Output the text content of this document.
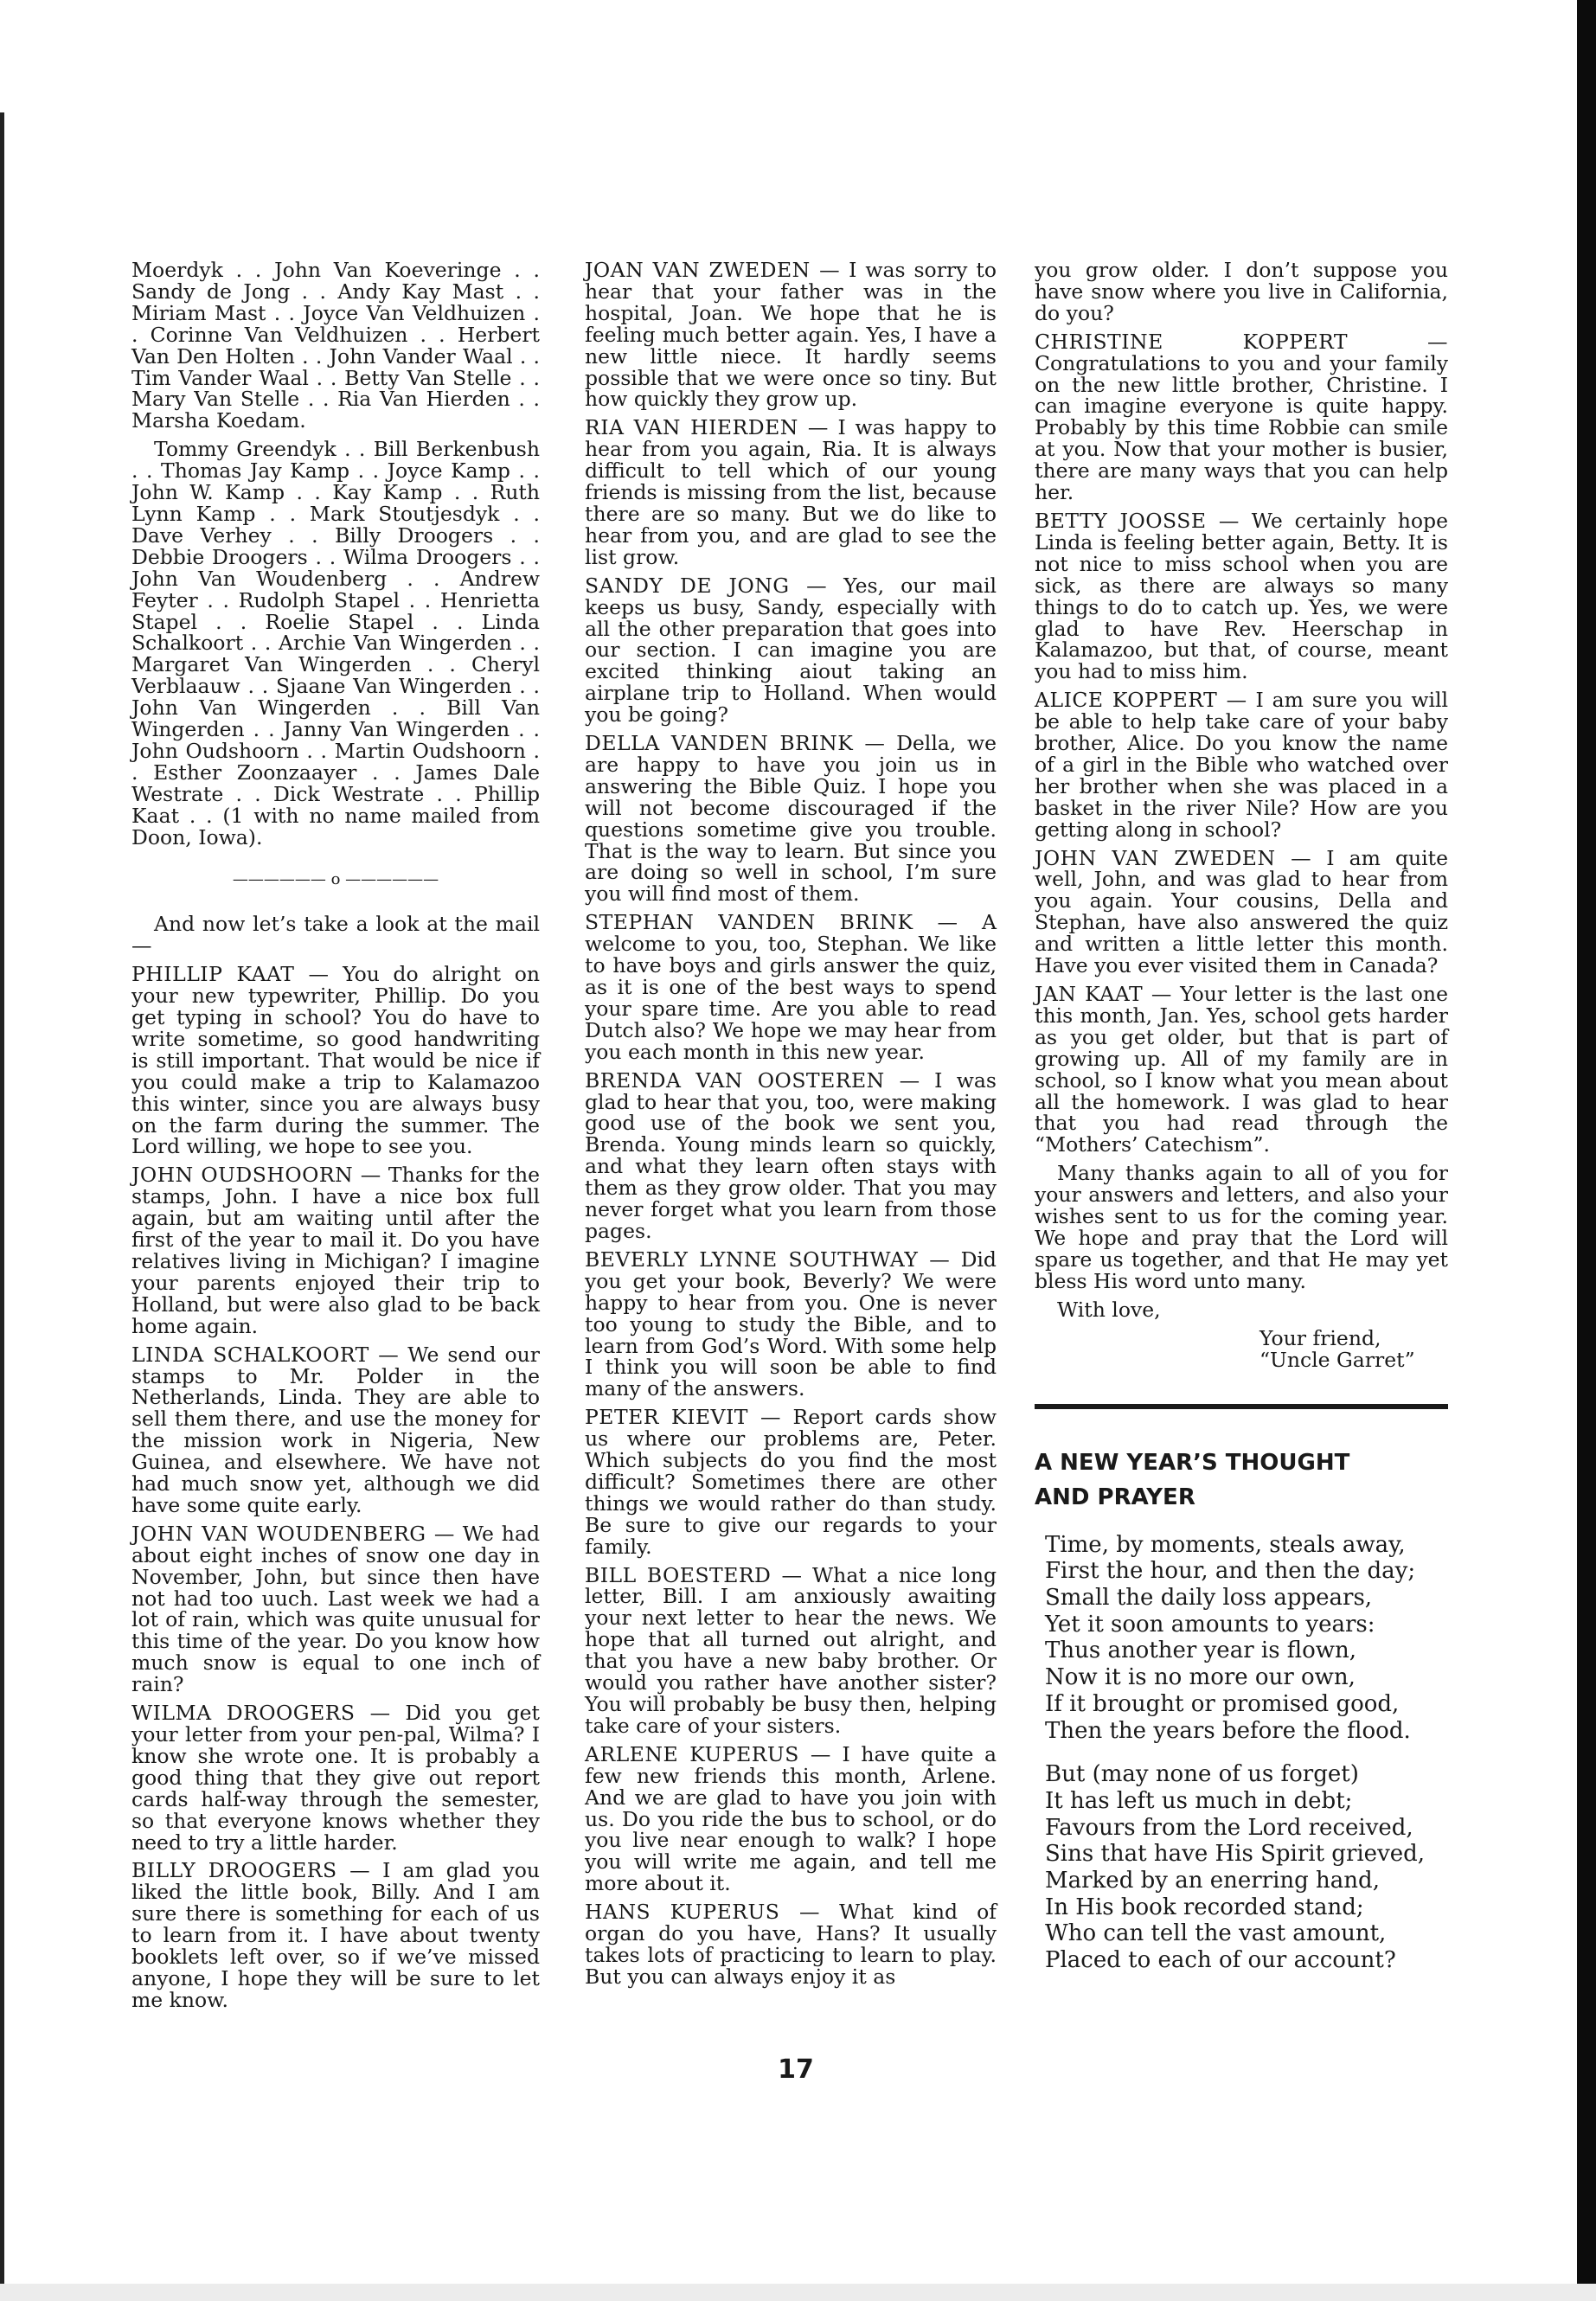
Moerdyk . . John Van Koeveringe . . Sandy de Jong . . Andy Kay Mast . . Miriam Mast . . Joyce Van Veldhuizen . . Corinne Van Veldhuizen . . Herbert Van Den Holten . . John Vander Waal . . Tim Vander Waal . . Betty Van Stelle . . Mary Van Stelle . . Ria Van Hierden . . Marsha Koedam.

Tommy Greendyk . . Bill Berkenbush . . Thomas Jay Kamp . . Joyce Kamp . . John W. Kamp . . Kay Kamp . . Ruth Lynn Kamp . . Mark Stoutjesdyk . . Dave Verhey . . Billy Droogers . . Debbie Droogers . . Wilma Droogers . . John Van Woudenberg . . Andrew Feyter . . Rudolph Stapel . . Henrietta Stapel . . Roelie Stapel . . Linda Schalkoort . . Archie Van Wingerden . . Margaret Van Wingerden . . Cheryl Verblaauw . . Sjaane Van Wingerden . . John Van Wingerden . . Bill Van Wingerden . . Janny Van Wingerden . . John Oudshoorn . . Martin Oudshoorn . . Esther Zoonzaayer . . James Dale Westrate . . Dick Westrate . . Phillip Kaat . . (1 with no name mailed from Doon, Iowa).

—————— o ——————

And now let’s take a look at the mail —

PHILLIP KAAT — You do alright on your new typewriter, Phillip. Do you get typing in school? You do have to write sometime, so good handwriting is still important. That would be nice if you could make a trip to Kalamazoo this winter, since you are always busy on the farm during the summer. The Lord willing, we hope to see you.

JOHN OUDSHOORN — Thanks for the stamps, John. I have a nice box full again, but am waiting until after the first of the year to mail it. Do you have relatives living in Michigan? I imagine your parents enjoyed their trip to Holland, but were also glad to be back home again.

LINDA SCHALKOORT — We send our stamps to Mr. Polder in the Netherlands, Linda. They are able to sell them there, and use the money for the mission work in Nigeria, New Guinea, and elsewhere. We have not had much snow yet, although we did have some quite early.

JOHN VAN WOUDENBERG — We had about eight inches of snow one day in November, John, but since then have not had too uuch. Last week we had a lot of rain, which was quite unusual for this time of the year. Do you know how much snow is equal to one inch of rain?

WILMA DROOGERS — Did you get your letter from your pen-pal, Wilma? I know she wrote one. It is probably a good thing that they give out report cards half-way through the semester, so that everyone knows whether they need to try a little harder.

BILLY DROOGERS — I am glad you liked the little book, Billy. And I am sure there is something for each of us to learn from it. I have about twenty booklets left over, so if we’ve missed anyone, I hope they will be sure to let me know.

JOAN VAN ZWEDEN — I was sorry to hear that your father was in the hospital, Joan. We hope that he is feeling much better again. Yes, I have a new little niece. It hardly seems possible that we were once so tiny. But how quickly they grow up.

RIA VAN HIERDEN — I was happy to hear from you again, Ria. It is always difficult to tell which of our young friends is missing from the list, because there are so many. But we do like to hear from you, and are glad to see the list grow.

SANDY DE JONG — Yes, our mail keeps us busy, Sandy, especially with all the other preparation that goes into our section. I can imagine you are excited thinking aiout taking an airplane trip to Holland. When would you be going?

DELLA VANDEN BRINK — Della, we are happy to have you join us in answering the Bible Quiz. I hope you will not become discouraged if the questions sometime give you trouble. That is the way to learn. But since you are doing so well in school, I’m sure you will find most of them.

STEPHAN VANDEN BRINK — A welcome to you, too, Stephan. We like to have boys and girls answer the quiz, as it is one of the best ways to spend your spare time. Are you able to read Dutch also? We hope we may hear from you each month in this new year.

BRENDA VAN OOSTEREN — I was glad to hear that you, too, were making good use of the book we sent you, Brenda. Young minds learn so quickly, and what they learn often stays with them as they grow older. That you may never forget what you learn from those pages.

BEVERLY LYNNE SOUTHWAY — Did you get your book, Beverly? We were happy to hear from you. One is never too young to study the Bible, and to learn from God’s Word. With some help I think you will soon be able to find many of the answers.

PETER KIEVIT — Report cards show us where our problems are, Peter. Which subjects do you find the most difficult? Sometimes there are other things we would rather do than study. Be sure to give our regards to your family.

BILL BOESTERD — What a nice long letter, Bill. I am anxiously awaiting your next letter to hear the news. We hope that all turned out alright, and that you have a new baby brother. Or would you rather have another sister? You will probably be busy then, helping take care of your sisters.

ARLENE KUPERUS — I have quite a few new friends this month, Arlene. And we are glad to have you join with us. Do you ride the bus to school, or do you live near enough to walk? I hope you will write me again, and tell me more about it.

HANS KUPERUS — What kind of organ do you have, Hans? It usually takes lots of practicing to learn to play. But you can always enjoy it as

you grow older. I don’t suppose you have snow where you live in California, do you?

CHRISTINE KOPPERT — Congratulations to you and your family on the new little brother, Christine. I can imagine everyone is quite happy. Probably by this time Robbie can smile at you. Now that your mother is busier, there are many ways that you can help her.

BETTY JOOSSE — We certainly hope Linda is feeling better again, Betty. It is not nice to miss school when you are sick, as there are always so many things to do to catch up. Yes, we were glad to have Rev. Heerschap in Kalamazoo, but that, of course, meant you had to miss him.

ALICE KOPPERT — I am sure you will be able to help take care of your baby brother, Alice. Do you know the name of a girl in the Bible who watched over her brother when she was placed in a basket in the river Nile? How are you getting along in school?

JOHN VAN ZWEDEN — I am quite well, John, and was glad to hear from you again. Your cousins, Della and Stephan, have also answered the quiz and written a little letter this month. Have you ever visited them in Canada?

JAN KAAT — Your letter is the last one this month, Jan. Yes, school gets harder as you get older, but that is part of growing up. All of my family are in school, so I know what you mean about all the homework. I was glad to hear that you had read through the “Mothers’ Catechism”.

Many thanks again to all of you for your answers and letters, and also your wishes sent to us for the coming year. We hope and pray that the Lord will spare us together, and that He may yet bless His word unto many.

With love,

Your friend,
“Uncle Garret”
A NEW YEAR’S THOUGHT
AND PRAYER
Time, by moments, steals away,
First the hour, and then the day;
Small the daily loss appears,
Yet it soon amounts to years:
Thus another year is flown,
Now it is no more our own,
If it brought or promised good,
Then the years before the flood.
But (may none of us forget)
It has left us much in debt;
Favours from the Lord received,
Sins that have His Spirit grieved,
Marked by an enerring hand,
In His book recorded stand;
Who can tell the vast amount,
Placed to each of our account?
17
